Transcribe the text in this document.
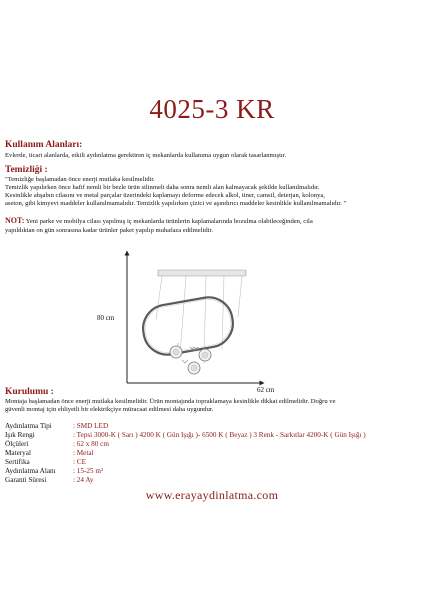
4025-3 KR
Kullanım Alanları:
Evlerde, ticari alanlarda, etkili aydınlatma gerektiren iç mekanlarda kullanıma uygun olarak tasarlanmıştır.
Temizliği :
"Temizliğe başlamadan önce enerji mutlaka kesilmelidir.
Temizlik yapılırken önce hafif nemli bir bezle ürün silinmeli daha sonra nemli alan kalmayacak şekilde kullanılmalıdır.
Kesinlikle ahşabın cilasını ve metal parçalar üzerindeki kaplamayı deforme edecek alkol, tiner, camsil, deterjan, kolonya,
aseton, gibi kimyevi maddeler kullanılmamalıdır. Temizlik yapılırken çizici ve aşındırıcı maddeler kesinlikle kullanılmamalıdır. "
NOT: Yeni parke ve mobilya cilası yapılmış iç mekanlarda ürünlerin kaplamalarında bozulma olabileceğinden, cila
yapıldıktan on gün sonrasına kadar ürünler paket yapılıp muhafaza edilmelidir.
80 cm
62 cm
Kurulumu :
Montaja başlamadan önce enerji mutlaka kesilmelidir. Ürün montajında topraklamaya kesinlikle dikkat edilmelidir. Doğru ve
güvenli montaj için ehliyetli bir elektrikçiye müracaat edilmesi daha uygundur.
Aydınlatma Tipi	: SMD LED
Işık Rengi	: Tepsi 3000-K ( Sarı ) 4200 K ( Gün Işığı )- 6500 K ( Beyaz ) 3 Renk - Sarkıtlar 4200-K ( Gün Işığı )
Ölçüleri	: 62 x 80 cm
Materyal	: Metal
Sertifika	: CE
Aydınlatma Alanı : 15-25 m²
Garanti Süresi	: 24 Ay
www.erayaydinlatma.com
